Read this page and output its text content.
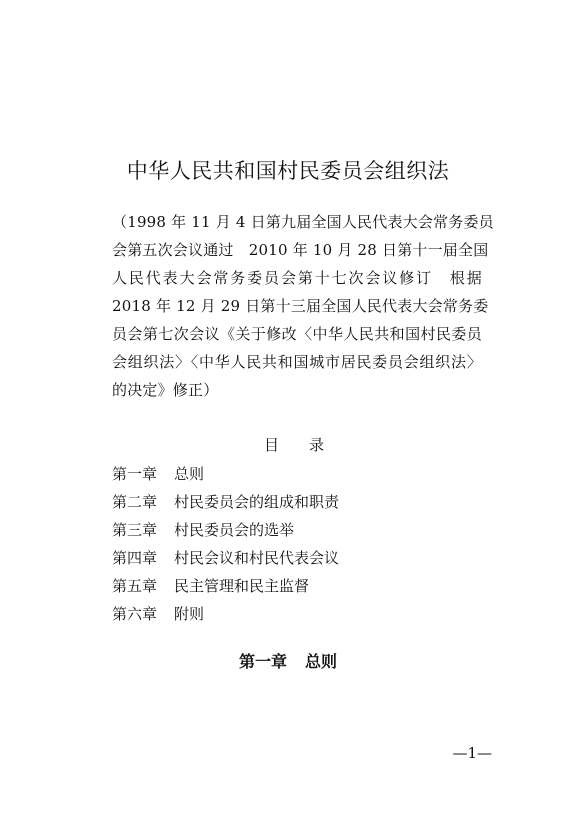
中华人民共和国村民委员会组织法
（1998 年 11 月 4 日第九届全国人民代表大会常务委员
会第五次会议通过　2010 年 10 月 28 日第十一届全国
人民代表大会常务委员会第十七次会议修订　根据
2018 年 12 月 29 日第十三届全国人民代表大会常务委
员会第七次会议《关于修改〈中华人民共和国村民委员
会组织法〉〈中华人民共和国城市居民委员会组织法〉
的决定》修正）
目录
第一章 总则
第二章 村民委员会的组成和职责
第三章 村民委员会的选举
第四章 村民会议和村民代表会议
第五章 民主管理和民主监督
第六章 附则
第一章 总则
—1—
